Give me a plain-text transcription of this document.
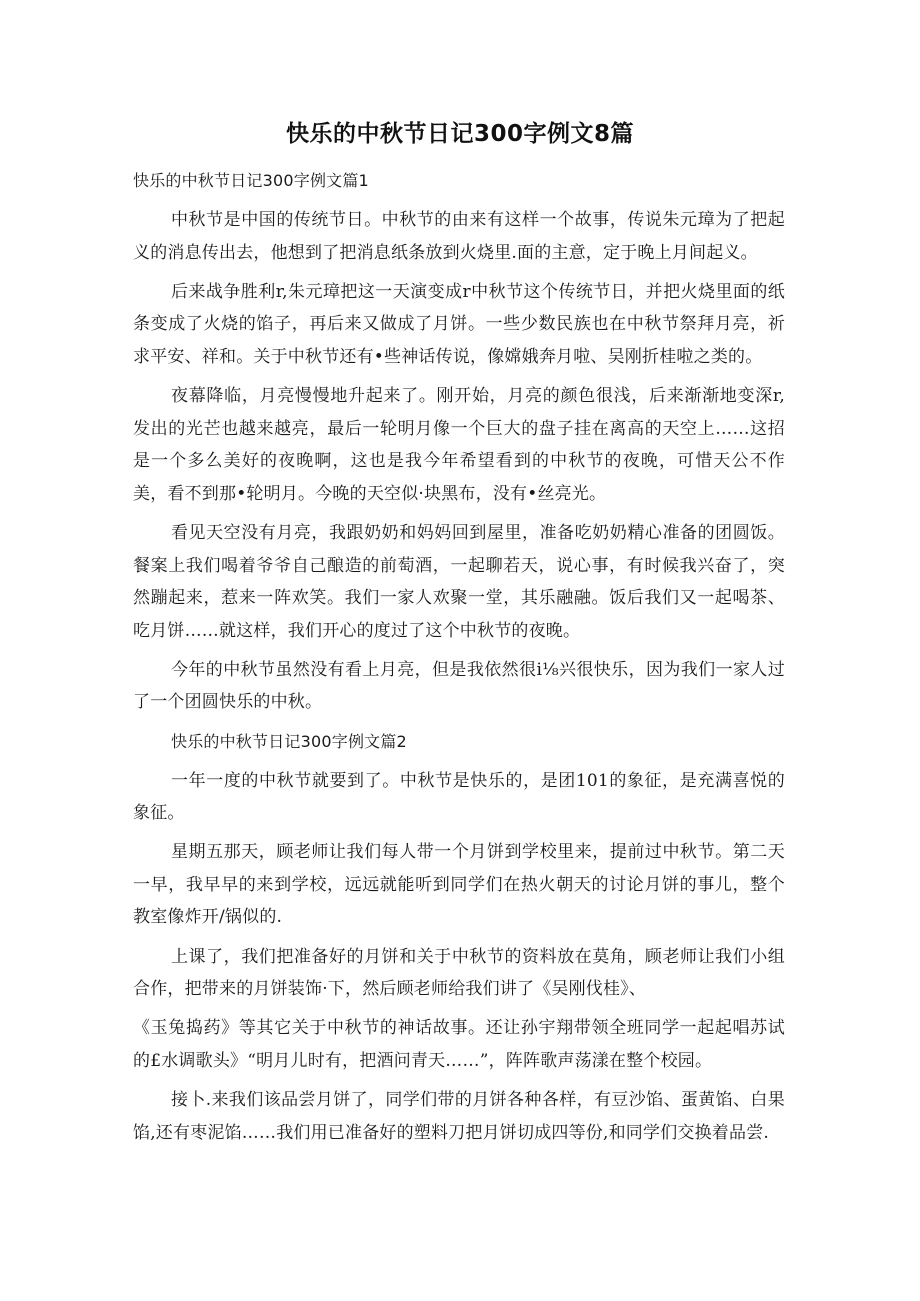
快乐的中秋节日记300字例文8篇

快乐的中秋节日记300字例文篇1

中秋节是中国的传统节日。中秋节的由来有这样一个故事，传说朱元璋为了把起义的消息传出去，他想到了把消息纸条放到火烧里.面的主意，定于晚上月间起义。

后来战争胜利r,朱元璋把这一天演变成r中秋节这个传统节日，并把火烧里面的纸条变成了火烧的馅子，再后来又做成了月饼。一些少数民族也在中秋节祭拜月亮，祈求平安、祥和。关于中秋节还有•些神话传说，像嫦娥奔月啦、吴刚折桂啦之类的。

夜幕降临，月亮慢慢地升起来了。刚开始，月亮的颜色很浅，后来渐渐地变深r,发出的光芒也越来越亮，最后一轮明月像一个巨大的盘子挂在离高的天空上……这招是一个多么美好的夜晚啊，这也是我今年希望看到的中秋节的夜晚，可惜天公不作美，看不到那•轮明月。今晚的天空似·块黑布，没有•丝亮光。

看见天空没有月亮，我跟奶奶和妈妈回到屋里，准备吃奶奶精心准备的团圆饭。餐案上我们喝着爷爷自己酿造的前萄酒，一起聊若天，说心事，有时候我兴奋了，突然蹦起来，惹来一阵欢笑。我们一家人欢聚一堂，其乐融融。饭后我们又一起喝茶、吃月饼……就这样，我们开心的度过了这个中秋节的夜晚。

今年的中秋节虽然没有看上月亮，但是我依然很i⅛兴很快乐，因为我们一家人过了一个团圆快乐的中秋。

快乐的中秋节日记300字例文篇2

一年一度的中秋节就要到了。中秋节是快乐的，是团101的象征，是充满喜悦的象征。

星期五那天，顾老师让我们每人带一个月饼到学校里来，提前过中秋节。第二天一早，我早早的来到学校，远远就能听到同学们在热火朝天的讨论月饼的事儿，整个教室像炸开/锅似的.

上课了，我们把准备好的月饼和关于中秋节的资料放在莫角，顾老师让我们小组合作，把带来的月饼装饰·下，然后顾老师给我们讲了《吴刚伐桂》、

《玉兔捣药》等其它关于中秋节的神话故事。还让孙宇翔带领全班同学一起起唱苏试的£水调歌头》“明月儿时有，把酒问青天……”，阵阵歌声荡漾在整个校园。

接卜.来我们该品尝月饼了，同学们带的月饼各种各样，有豆沙馅、蛋黄馅、白果馅,还有枣泥馅……我们用已准备好的塑料刀把月饼切成四等份,和同学们交换着品尝.
